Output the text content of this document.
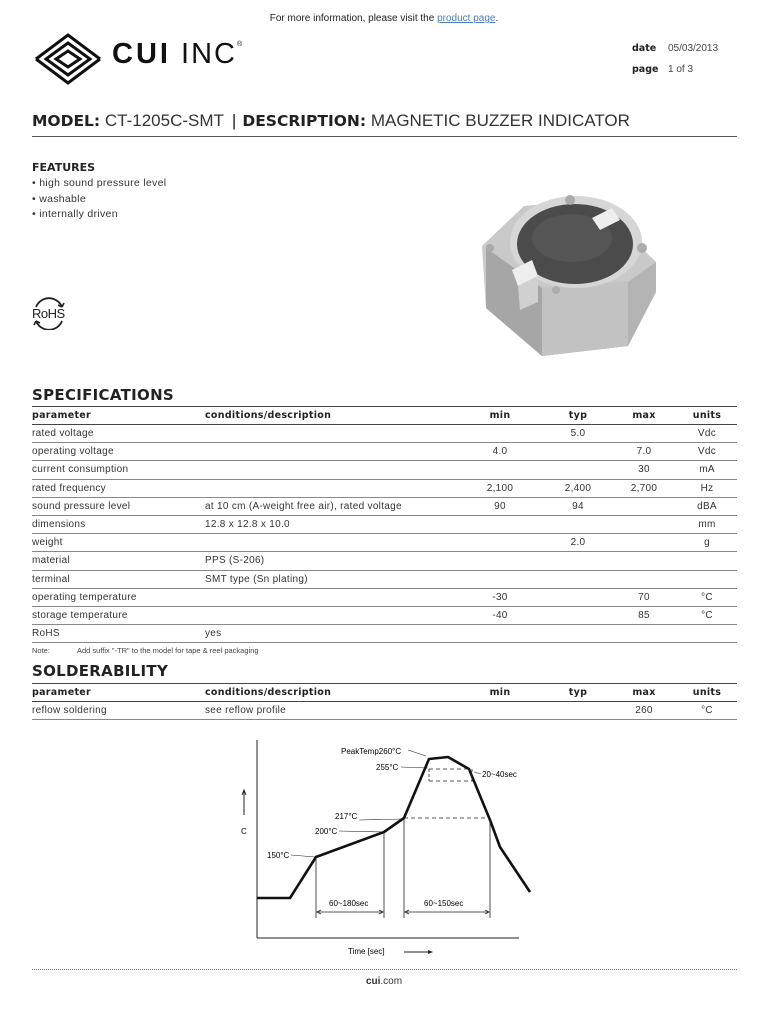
For more information, please visit the product page.
CUI INC®	date	05/03/2013
page 1 of 3
MODEL: CT-1205C-SMT | DESCRIPTION: MAGNETIC BUZZER INDICATOR
FEATURES
• high sound pressure level
• washable
• internally driven
RoHS
SPECIFICATIONS
parameter	conditions/description	min	typ	max	units
rated voltage			5.0		Vdc
operating voltage		4.0		7.0	Vdc
current consumption				30	mA
rated frequency		2,100	2,400	2,700	Hz
sound pressure level	at 10 cm (A-weight free air), rated voltage	90	94		dBA
dimensions	12.8 x 12.8 x 10.0				mm
weight			2.0		g
material	PPS (S-206)				
terminal	SMT type (Sn plating)				
operating temperature		-30		70	°C
storage temperature		-40		85	°C
RoHS	yes				
Note:	Add suffix "-TR" to the model for tape & reel packaging
SOLDERABILITY
parameter	conditions/description	min	typ	max	units
reflow soldering	see reflow profile			260	°C
C
Time [sec]
PeakTemp260°C
255°C
20~40sec
217°C
200°C
150°C
60~180sec	60~150sec
cui.com
